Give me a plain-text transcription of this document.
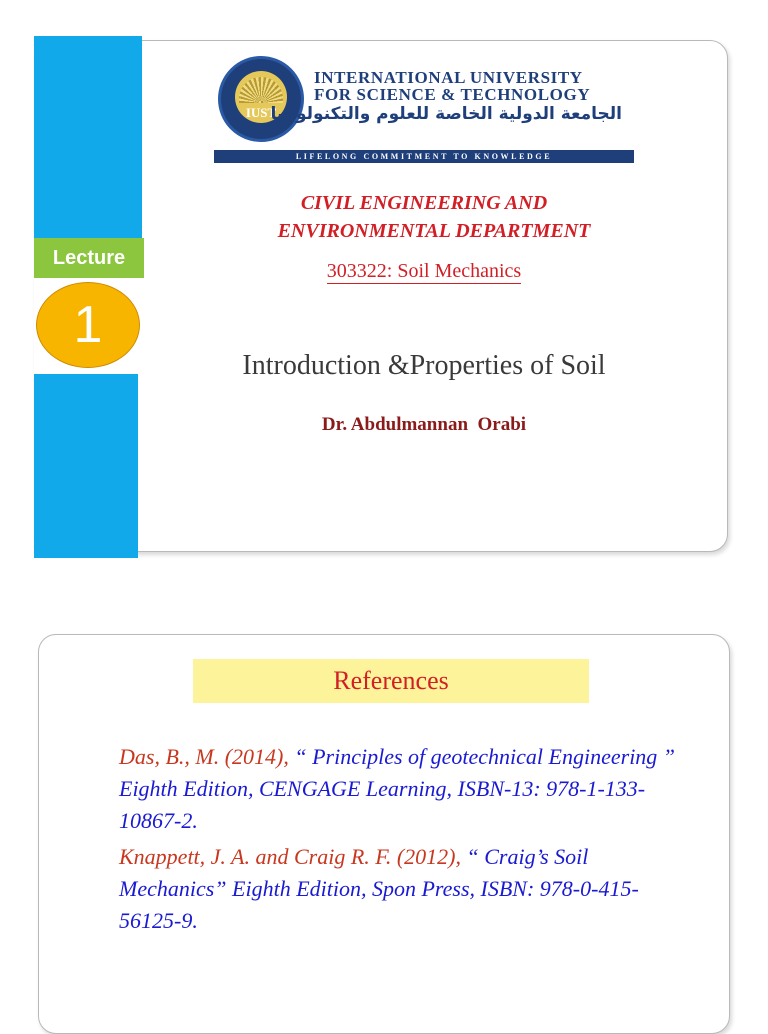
Lecture
1
IUST
INTERNATIONAL UNIVERSITY
FOR SCIENCE & TECHNOLOGY
الجامعة الدولية الخاصة للعلوم والتكنولوجيا
LIFELONG COMMITMENT TO KNOWLEDGE
CIVIL ENGINEERING AND
ENVIRONMENTAL DEPARTMENT
303322: Soil Mechanics
Introduction &Properties of Soil
Dr. Abdulmannan  Orabi
References

Das, B., M. (2014), “ Principles of geotechnical Engineering ” Eighth Edition, CENGAGE Learning, ISBN-13: 978-1-133-10867-2.

Knappett, J. A. and Craig R. F. (2012), “ Craig’s Soil Mechanics” Eighth Edition, Spon Press, ISBN: 978-0-415-56125-9.
